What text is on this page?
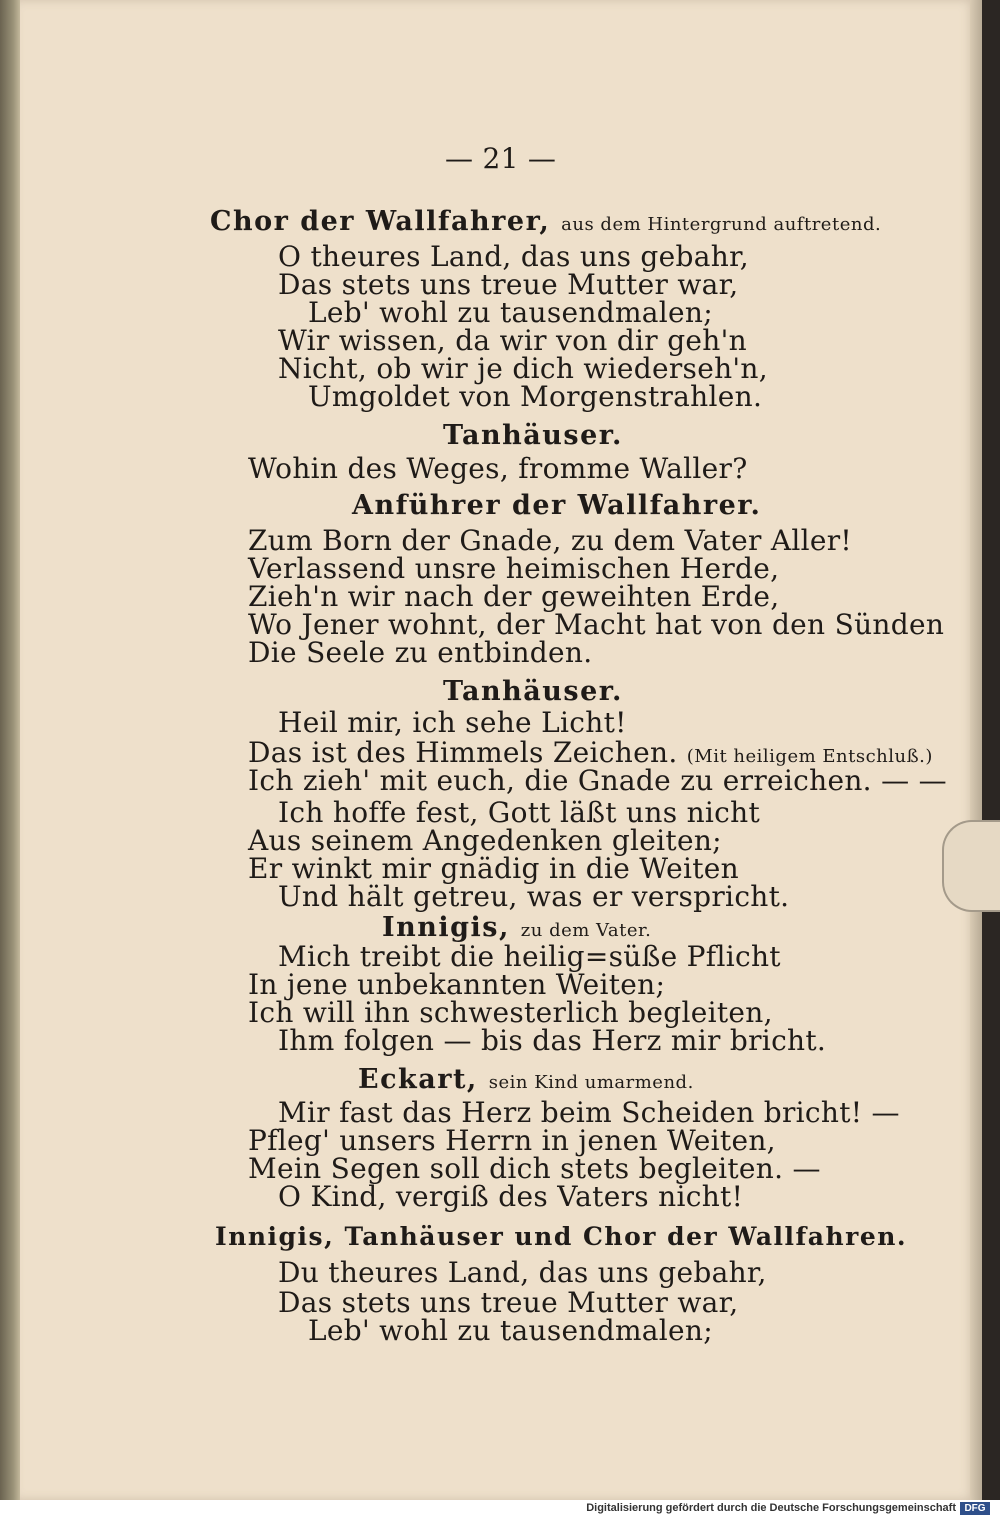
— 21 —
Chor der Wallfahrer, aus dem Hintergrund auftretend.
O theures Land, das uns gebahr,
Das stets uns treue Mutter war,
Leb' wohl zu tausendmalen;
Wir wissen, da wir von dir geh'n
Nicht, ob wir je dich wiederseh'n,
Umgoldet von Morgenstrahlen.
Tanhäuser.
Wohin des Weges, fromme Waller?
Anführer der Wallfahrer.
Zum Born der Gnade, zu dem Vater Aller!
Verlassend unsre heimischen Herde,
Zieh'n wir nach der geweihten Erde,
Wo Jener wohnt, der Macht hat von den Sünden
Die Seele zu entbinden.
Tanhäuser.
Heil mir, ich sehe Licht!
Das ist des Himmels Zeichen. (Mit heiligem Entschluß.)
Ich zieh' mit euch, die Gnade zu erreichen. — —
Ich hoffe fest, Gott läßt uns nicht
Aus seinem Angedenken gleiten;
Er winkt mir gnädig in die Weiten
Und hält getreu, was er verspricht.
Innigis, zu dem Vater.
Mich treibt die heilig=süße Pflicht
In jene unbekannten Weiten;
Ich will ihn schwesterlich begleiten,
Ihm folgen — bis das Herz mir bricht.
Eckart, sein Kind umarmend.
Mir fast das Herz beim Scheiden bricht! —
Pfleg' unsers Herrn in jenen Weiten,
Mein Segen soll dich stets begleiten. —
O Kind, vergiß des Vaters nicht!
Innigis, Tanhäuser und Chor der Wallfahren.
Du theures Land, das uns gebahr,
Das stets uns treue Mutter war,
Leb' wohl zu tausendmalen;
Digitalisierung gefördert durch die Deutsche Forschungsgemeinschaft DFG
